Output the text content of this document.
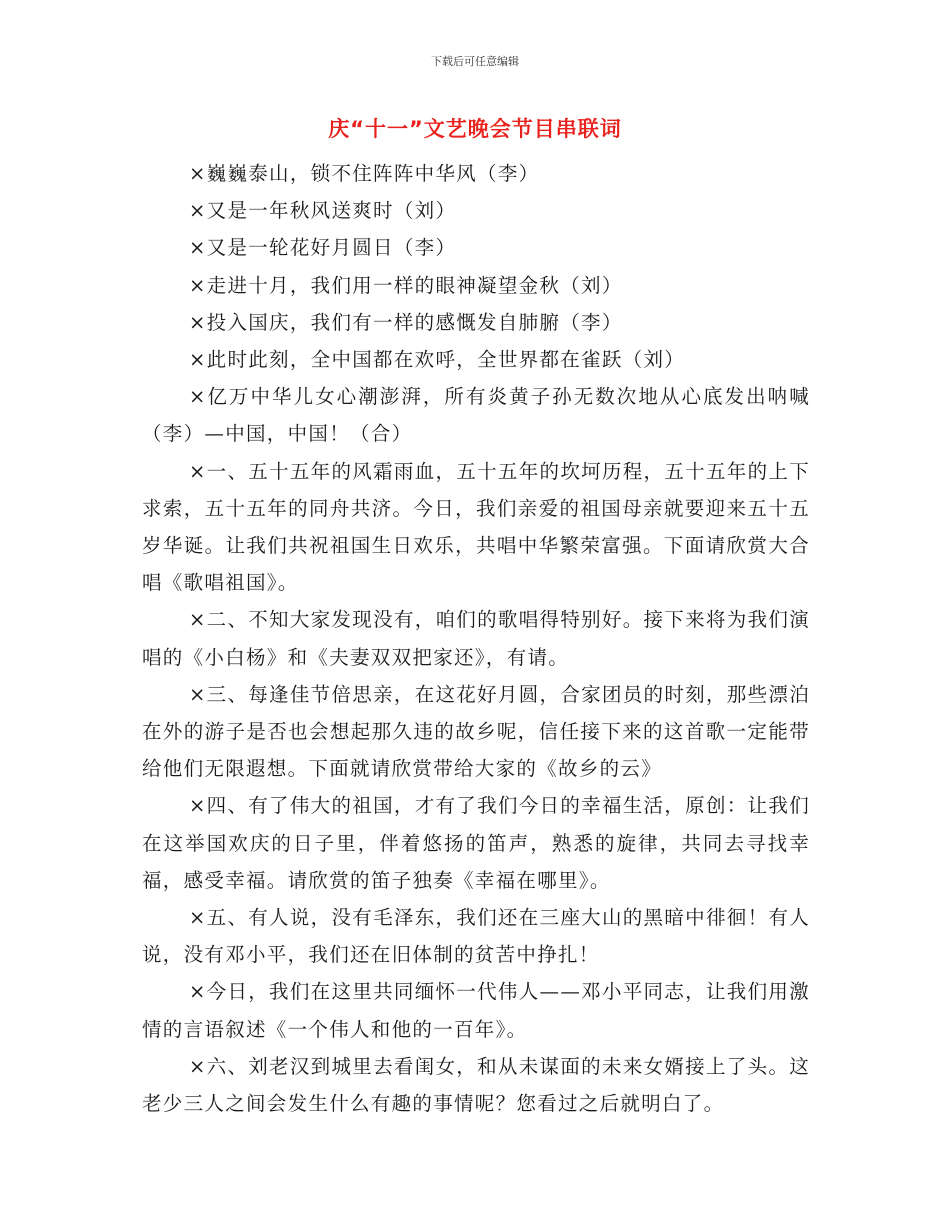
下载后可任意编辑
庆“十一”文艺晚会节目串联词

×巍巍泰山，锁不住阵阵中华风（李）

×又是一年秋风送爽时（刘）

×又是一轮花好月圆日（李）

×走进十月，我们用一样的眼神凝望金秋（刘）

×投入国庆，我们有一样的感慨发自肺腑（李）

×此时此刻，全中国都在欢呼，全世界都在雀跃（刘）

×亿万中华儿女心潮澎湃，所有炎黄子孙无数次地从心底发出呐喊（李）—中国，中国！（合）

×一、五十五年的风霜雨血，五十五年的坎坷历程，五十五年的上下求索，五十五年的同舟共济。今日，我们亲爱的祖国母亲就要迎来五十五岁华诞。让我们共祝祖国生日欢乐，共唱中华繁荣富强。下面请欣赏大合唱《歌唱祖国》。

×二、不知大家发现没有，咱们的歌唱得特别好。接下来将为我们演唱的《小白杨》和《夫妻双双把家还》，有请。

×三、每逢佳节倍思亲，在这花好月圆，合家团员的时刻，那些漂泊在外的游子是否也会想起那久违的故乡呢，信任接下来的这首歌一定能带给他们无限遐想。下面就请欣赏带给大家的《故乡的云》

×四、有了伟大的祖国，才有了我们今日的幸福生活，原创：让我们在这举国欢庆的日子里，伴着悠扬的笛声，熟悉的旋律，共同去寻找幸福，感受幸福。请欣赏的笛子独奏《幸福在哪里》。

×五、有人说，没有毛泽东，我们还在三座大山的黑暗中徘徊！有人说，没有邓小平，我们还在旧体制的贫苦中挣扎！

×今日，我们在这里共同缅怀一代伟人——邓小平同志，让我们用激情的言语叙述《一个伟人和他的一百年》。

×六、刘老汉到城里去看闺女，和从未谋面的未来女婿接上了头。这老少三人之间会发生什么有趣的事情呢？您看过之后就明白了。
